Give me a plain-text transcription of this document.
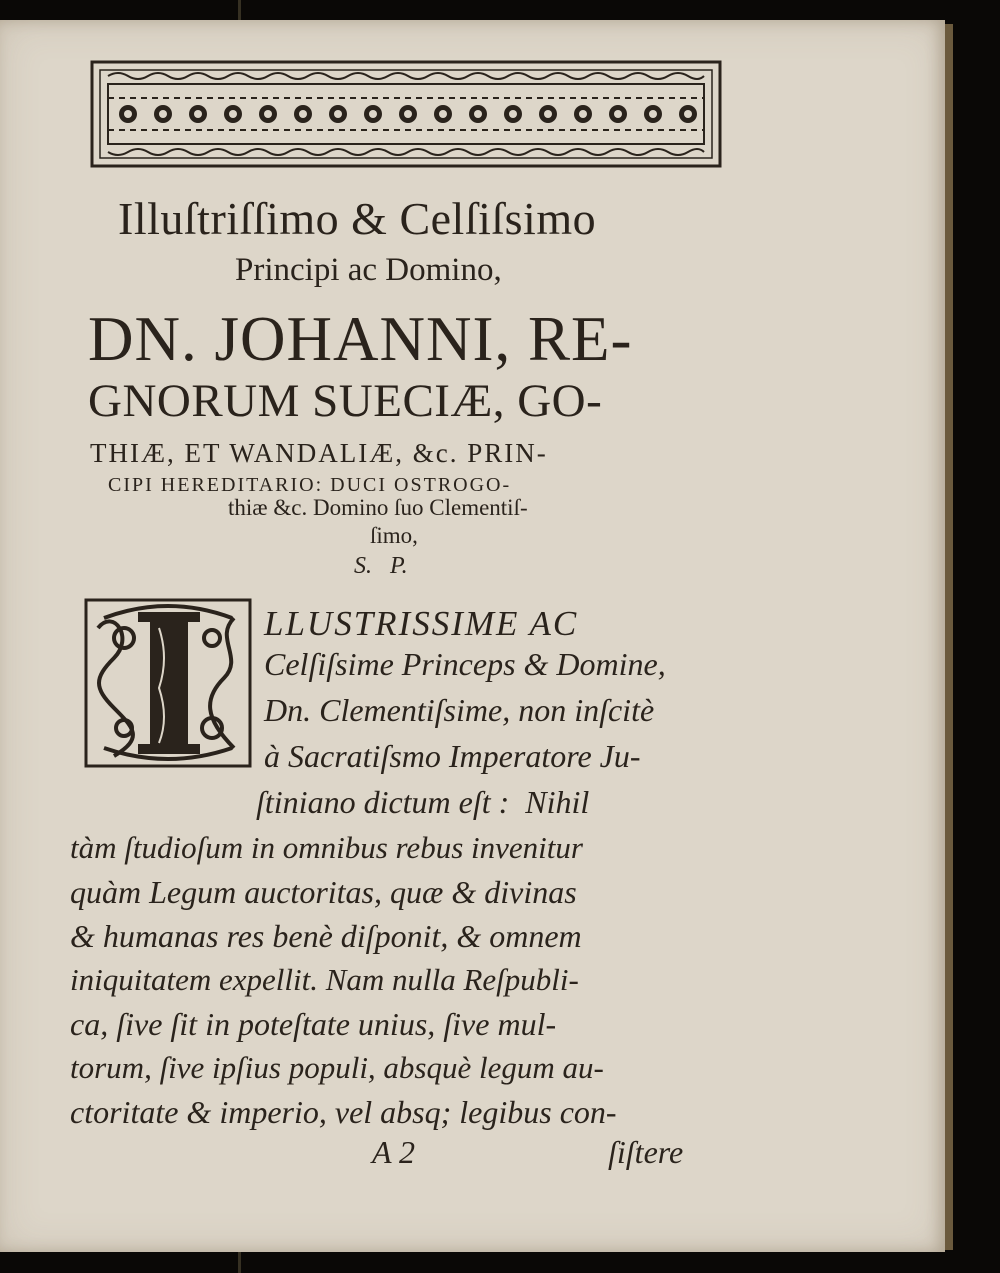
Illuſtriſſimo & Celſiſsimo
Principi ac Domino,
DN. JOHANNI, RE-
GNORUM SUECIÆ, GO-
THIÆ, ET WANDALIÆ, &c. PRIN-
CIPI HEREDITARIO: DUCI OSTROGO-
thiæ &c. Domino ſuo Clementiſ-
ſimo,
S.   P.
I
LLUSTRISSIME AC
Celſiſsime Princeps & Domine,
Dn. Clementiſsime, non inſcitè
à Sacratiſsmo Imperatore Ju-
ſtiniano dictum eſt :  Nihil
tàm ſtudioſum in omnibus rebus invenitur
quàm Legum auctoritas, quæ & divinas
& humanas res benè diſponit, & omnem
iniquitatem expellit. Nam nulla Reſpubli-
ca, ſive ſit in poteſtate unius, ſive mul-
torum, ſive ipſius populi, absquè legum au-
ctoritate & imperio, vel absq; legibus con-
A 2	ſiſtere
